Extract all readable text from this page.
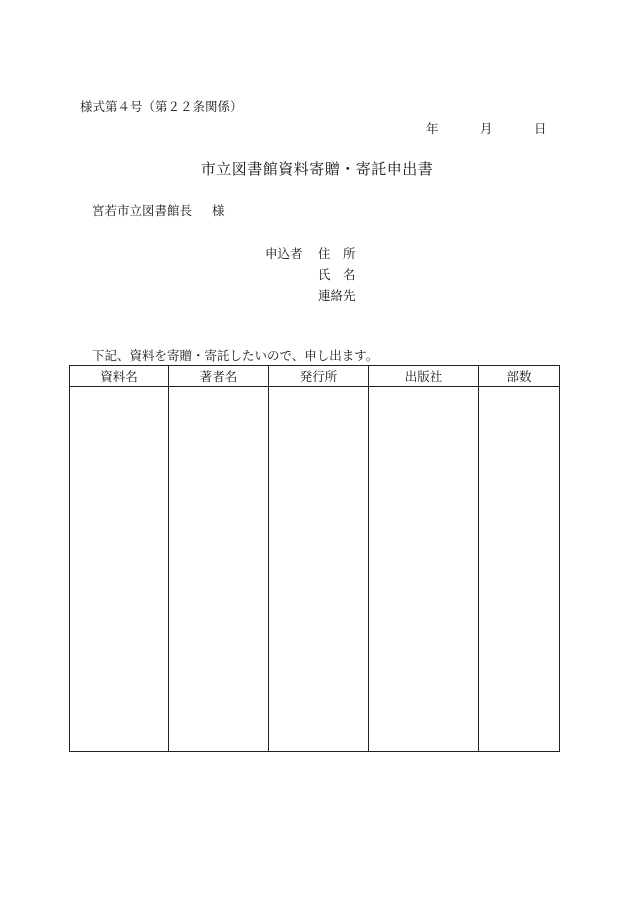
様式第４号（第２２条関係）
年	月	日
市立図書館資料寄贈・寄託申出書
宮若市立図書館長 様
申込者 住　所
氏　名
連絡先
下記、資料を寄贈・寄託したいので、申し出ます。
資料名	著者名	発行所	出版社	部数
